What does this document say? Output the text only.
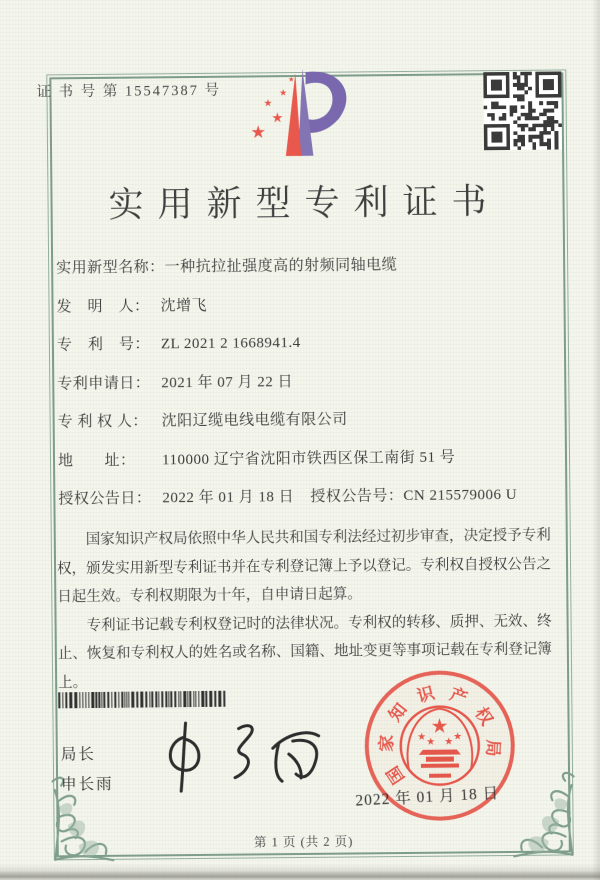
证 书 号 第 15547387 号
★
★
★
★
★
实用新型专利证书
实用新型名称：一种抗拉扯强度高的射频同轴电缆
发　明　人： 沈增飞
专　利　号： ZL 2021 2 1668941.4
专利申请日： 2021 年 07 月 22 日
专 利 权 人： 沈阳辽缆电线电缆有限公司
地　　址： 110000 辽宁省沈阳市铁西区保工南街 51 号
授权公告日： 2022 年 01 月 18 日	授权公告号：CN 215579006 U

国家知识产权局依照中华人民共和国专利法经过初步审查，决定授予专利权，颁发实用新型专利证书并在专利登记簿上予以登记。专利权自授权公告之日起生效。专利权期限为十年，自申请日起算。

专利证书记载专利权登记时的法律状况。专利权的转移、质押、无效、终止、恢复和专利权人的姓名或名称、国籍、地址变更等事项记载在专利登记簿上。

局长
申长雨
★
★ ★ ★ ★
国
家
知
识 产
权
局
2022 年 01 月 18 日
第 1 页 (共 2 页)
